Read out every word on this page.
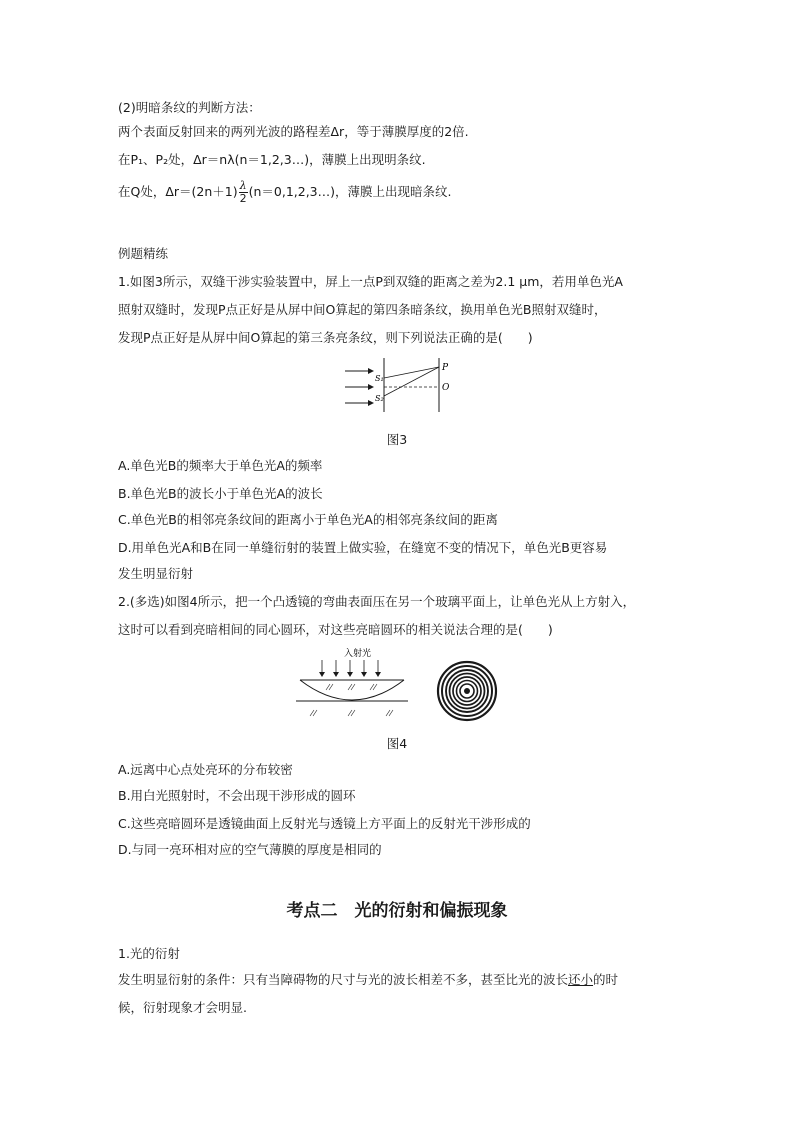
(2)明暗条纹的判断方法：
两个表面反射回来的两列光波的路程差Δr，等于薄膜厚度的2倍.
在P₁、P₂处，Δr＝nλ(n＝1,2,3…)，薄膜上出现明条纹.
在Q处，$\Delta r=(2n+1) \frac{\lambda}{2}$ (n＝0,1,2,3…)，薄膜上出现暗条纹.
例题精练
1.如图3所示，双缝干涉实验装置中，屏上一点P到双缝的距离之差为2.1 μm，若用单色光A
照射双缝时，发现P点正好是从屏中间O算起的第四条暗条纹，换用单色光B照射双缝时，
发现P点正好是从屏中间O算起的第三条亮条纹，则下列说法正确的是(　　)
P
O
S₁
S₂
图3
A.单色光B的频率大于单色光A的频率
B.单色光B的波长小于单色光A的波长
C.单色光B的相邻亮条纹间的距离小于单色光A的相邻亮条纹间的距离
D.用单色光A和B在同一单缝衍射的装置上做实验，在缝宽不变的情况下，单色光B更容易
发生明显衍射
2.(多选)如图4所示，把一个凸透镜的弯曲表面压在另一个玻璃平面上，让单色光从上方射入，
这时可以看到亮暗相间的同心圆环，对这些亮暗圆环的相关说法合理的是(　　)
入射光
图4
A.远离中心点处亮环的分布较密
B.用白光照射时，不会出现干涉形成的圆环
C.这些亮暗圆环是透镜曲面上反射光与透镜上方平面上的反射光干涉形成的
D.与同一亮环相对应的空气薄膜的厚度是相同的
考点二　光的衍射和偏振现象
1.光的衍射
发生明显衍射的条件：只有当障碍物的尺寸与光的波长相差不多，甚至比光的波长还小的时
候，衍射现象才会明显.
